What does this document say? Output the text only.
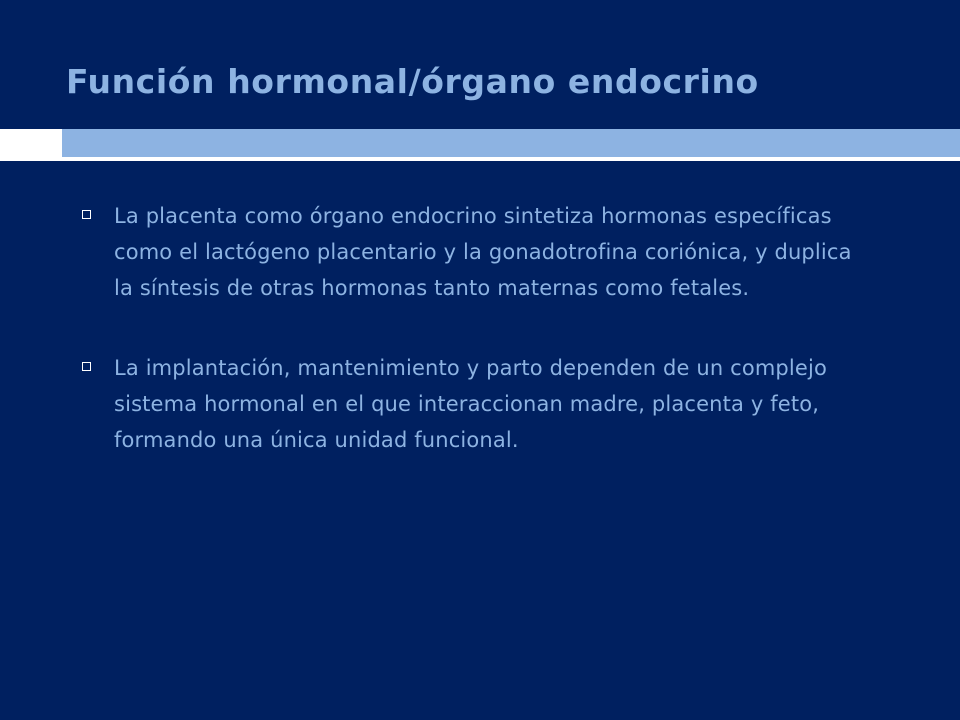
Función hormonal/órgano endocrino
La placenta como órgano endocrino sintetiza hormonas específicas como el lactógeno placentario y la gonadotrofina coriónica, y duplica la síntesis de otras hormonas tanto maternas como fetales.
La implantación, mantenimiento y parto dependen de un complejo sistema hormonal en el que interaccionan madre, placenta y feto, formando una única unidad funcional.
